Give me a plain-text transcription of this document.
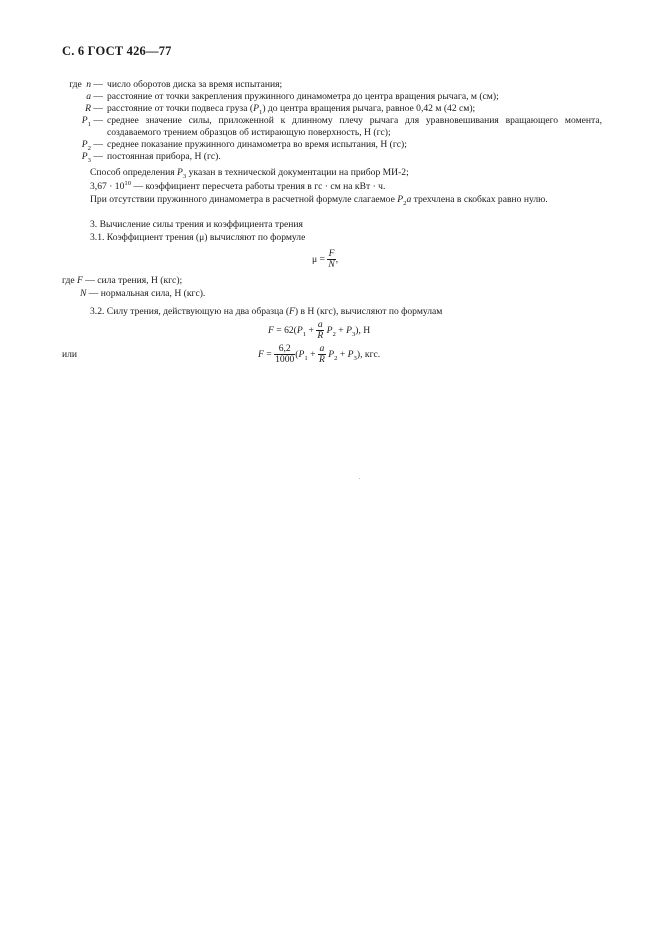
С. 6 ГОСТ 426—77
где n — число оборотов диска за время испытания;
a — расстояние от точки закрепления пружинного динамометра до центра вращения рычага, м (см);
R — расстояние от точки подвеса груза $(P_1)$ до центра вращения рычага, равное 0,42 м (42 см);
$P_1$ — среднее значение силы, приложенной к длинному плечу рычага для уравновешивания вращающего момента, создаваемого трением образцов об истирающую поверхность, Н (гс);
$P_2$ — среднее показание пружинного динамометра во время испытания, Н (гс);
$P_3$ — постоянная прибора, Н (гс).
Способ определения $P_3$ указан в технической документации на прибор МИ-2;
$3,67 \cdot 10^{10}$ — коэффициент пересчета работы трения в гс · см на кВт · ч.
При отсутствии пружинного динамометра в расчетной формуле слагаемое $P_2a$ трехчлена в скобках равно нулю.
3. Вычисление силы трения и коэффициента трения
3.1. Коэффициент трения (μ) вычисляют по формуле
$\mu = \frac{F}{N}$ ,
где F — сила трения, Н (кгс);
N — нормальная сила, Н (кгс).
3.2. Силу трения, действующую на два образца (F) в Н (кгс), вычисляют по формулам
$F = 62(P_1 + \frac{a}{R} P_2 + P_3)$, Н
или	$F = \frac{6,2}{1000} (P_1 + \frac{a}{R} P_2 + P_3)$, кгс.
